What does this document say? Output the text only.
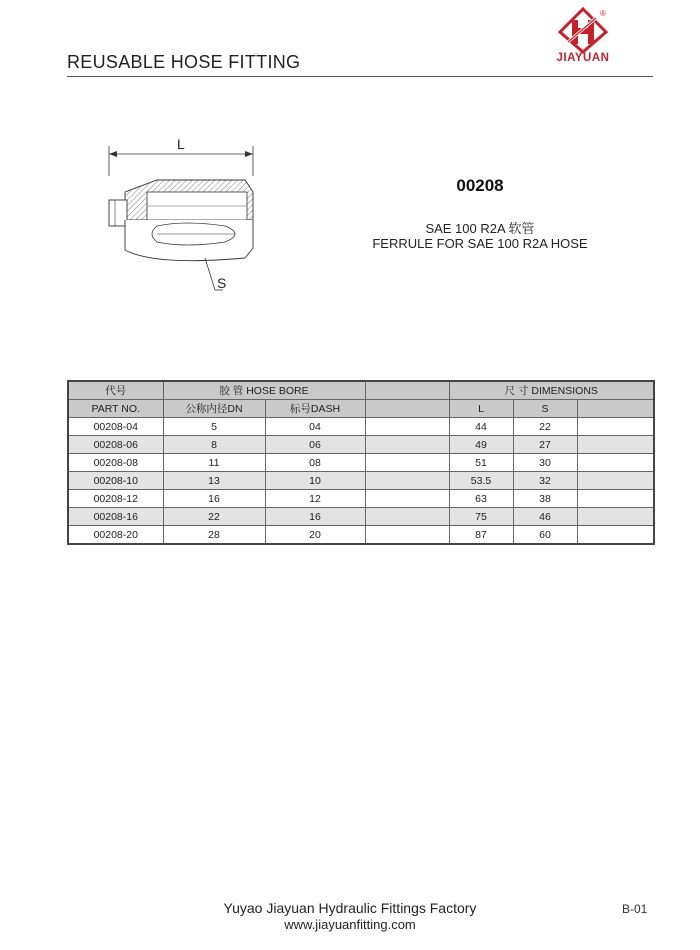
REUSABLE HOSE FITTING
®
JIAYUAN
L
S
00208
SAE 100 R2A 软管
FERRULE FOR SAE 100 R2A HOSE
代号	胶 管 HOSE BORE			尺 寸 DIMENSIONS		
PART NO.	公称内径DN	标号DASH		L	S	
00208-04	5	04		44	22	
00208-06	8	06		49	27	
00208-08	11	08		51	30	
00208-10	13	10		53.5	32	
00208-12	16	12		63	38	
00208-16	22	16		75	46	
00208-20	28	20		87	60	
Yuyao Jiayuan Hydraulic Fittings Factory
www.jiayuanfitting.com
B-01
